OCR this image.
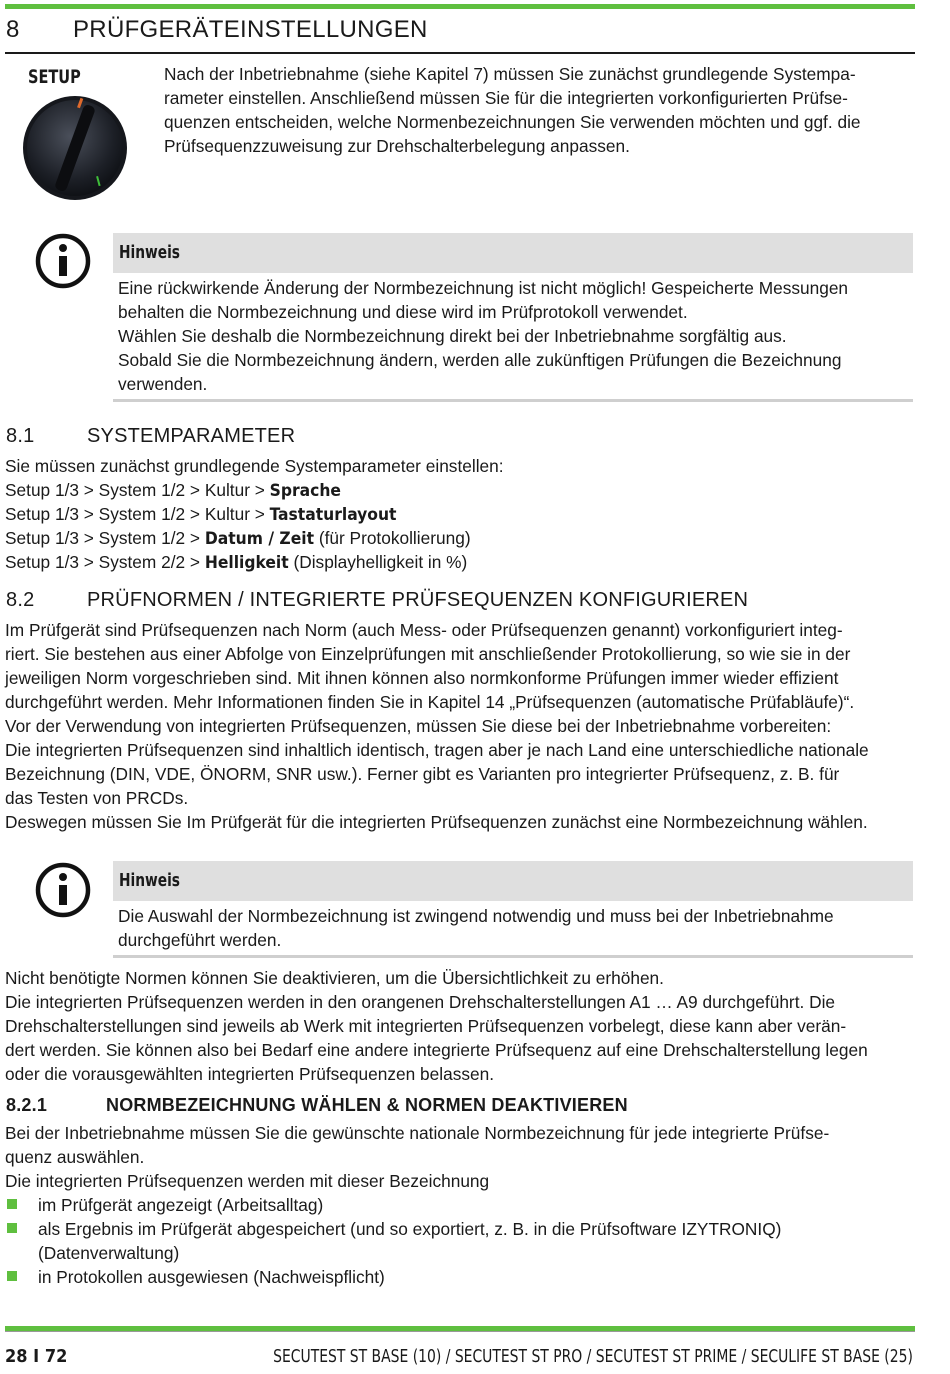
8 PRÜFGERÄTEINSTELLUNGEN
SETUP	Nach der Inbetriebnahme (siehe Kapitel 7) müssen Sie zunächst grundlegende Systempa-

rameter einstellen. Anschließend müssen Sie für die integrierten vorkonfigurierten Prüfse-

quenzen entscheiden, welche Normenbezeichnungen Sie verwenden möchten und ggf. die

Prüfsequenzzuweisung zur Drehschalterbelegung anpassen.

Hinweis

Eine rückwirkende Änderung der Normbezeichnung ist nicht möglich! Gespeicherte Messungen

behalten die Normbezeichnung und diese wird im Prüfprotokoll verwendet.

Wählen Sie deshalb die Normbezeichnung direkt bei der Inbetriebnahme sorgfältig aus.

Sobald Sie die Normbezeichnung ändern, werden alle zukünftigen Prüfungen die Bezeichnung

verwenden.

8.1	SYSTEMPARAMETER

Sie müssen zunächst grundlegende Systemparameter einstellen:

Setup 1/3 > System 1/2 > Kultur > Sprache

Setup 1/3 > System 1/2 > Kultur > Tastaturlayout

Setup 1/3 > System 1/2 > Datum / Zeit (für Protokollierung)

Setup 1/3 > System 2/2 > Helligkeit (Displayhelligkeit in %)

8.2	PRÜFNORMEN / INTEGRIERTE PRÜFSEQUENZEN KONFIGURIEREN

Im Prüfgerät sind Prüfsequenzen nach Norm (auch Mess- oder Prüfsequenzen genannt) vorkonfiguriert integ-

riert. Sie bestehen aus einer Abfolge von Einzelprüfungen mit anschließender Protokollierung, so wie sie in der

jeweiligen Norm vorgeschrieben sind. Mit ihnen können also normkonforme Prüfungen immer wieder effizient

durchgeführt werden. Mehr Informationen finden Sie in Kapitel 14 „Prüfsequenzen (automatische Prüfabläufe)“.

Vor der Verwendung von integrierten Prüfsequenzen, müssen Sie diese bei der Inbetriebnahme vorbereiten:

Die integrierten Prüfsequenzen sind inhaltlich identisch, tragen aber je nach Land eine unterschiedliche nationale

Bezeichnung (DIN, VDE, ÖNORM, SNR usw.). Ferner gibt es Varianten pro integrierter Prüfsequenz, z. B. für

das Testen von PRCDs.

Deswegen müssen Sie Im Prüfgerät für die integrierten Prüfsequenzen zunächst eine Normbezeichnung wählen.

Hinweis

Die Auswahl der Normbezeichnung ist zwingend notwendig und muss bei der Inbetriebnahme

durchgeführt werden.

Nicht benötigte Normen können Sie deaktivieren, um die Übersichtlichkeit zu erhöhen.

Die integrierten Prüfsequenzen werden in den orangenen Drehschalterstellungen A1 … A9 durchgeführt. Die

Drehschalterstellungen sind jeweils ab Werk mit integrierten Prüfsequenzen vorbelegt, diese kann aber verän-

dert werden. Sie können also bei Bedarf eine andere integrierte Prüfsequenz auf eine Drehschalterstellung legen

oder die vorausgewählten integrierten Prüfsequenzen belassen.

8.2.1	NORMBEZEICHNUNG WÄHLEN & NORMEN DEAKTIVIEREN

Bei der Inbetriebnahme müssen Sie die gewünschte nationale Normbezeichnung für jede integrierte Prüfse-

quenz auswählen.

Die integrierten Prüfsequenzen werden mit dieser Bezeichnung

im Prüfgerät angezeigt (Arbeitsalltag)

als Ergebnis im Prüfgerät abgespeichert (und so exportiert, z. B. in die Prüfsoftware IZYTRONIQ)

(Datenverwaltung)

in Protokollen ausgewiesen (Nachweispflicht)

28 I 72	SECUTEST ST BASE (10) / SECUTEST ST PRO / SECUTEST ST PRIME / SECULIFE ST BASE (25)
